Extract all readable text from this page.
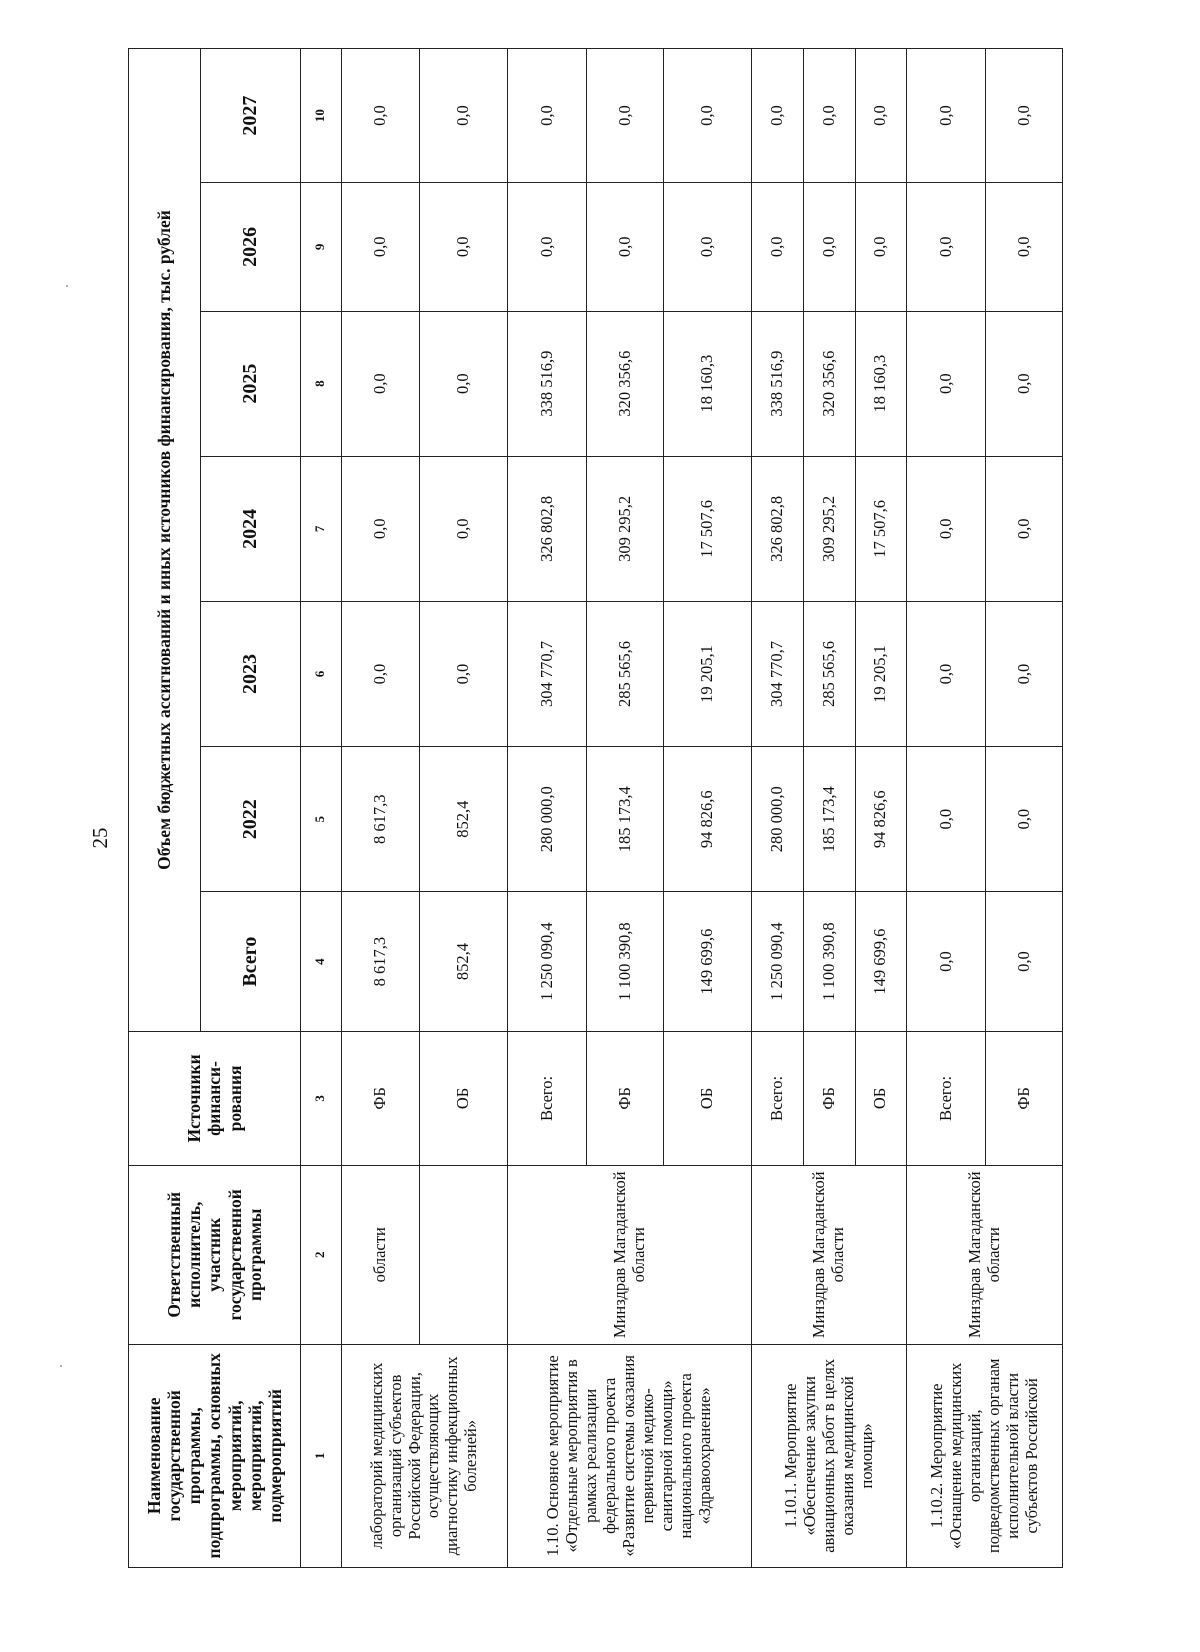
25
Наименование государственной программы, подпрограммы, основных мероприятий, мероприятий, подмероприятий	Ответственный исполнитель, участник государственной программы	Источники финанси-рования	Объем бюджетных ассигнований и иных источников финансирования, тыс. рублей						
			Всего	2022	2023	2024	2025	2026	2027
1	2	3	4	5	6	7	8	9	10
лабораторий медицинских организаций субъектов Российской Федерации, осуществляющих диагностику инфекционных болезней»	области	ФБ	8 617,3	8 617,3	0,0	0,0	0,0	0,0	0,0
		ОБ	852,4	852,4	0,0	0,0	0,0	0,0	0,0
1.10. Основное мероприятие «Отдельные мероприятия в рамках реализации федерального проекта «Развитие системы оказания первичной медико-санитарной помощи» национального проекта «Здравоохранение»	Минздрав Магаданской области	Всего:	1 250 090,4	280 000,0	304 770,7	326 802,8	338 516,9	0,0	0,0
		ФБ	1 100 390,8	185 173,4	285 565,6	309 295,2	320 356,6	0,0	0,0
		ОБ	149 699,6	94 826,6	19 205,1	17 507,6	18 160,3	0,0	0,0
1.10.1. Мероприятие «Обеспечение закупки авиационных работ в целях оказания медицинской помощи»	Минздрав Магаданской области	Всего:	1 250 090,4	280 000,0	304 770,7	326 802,8	338 516,9	0,0	0,0
		ФБ	1 100 390,8	185 173,4	285 565,6	309 295,2	320 356,6	0,0	0,0
		ОБ	149 699,6	94 826,6	19 205,1	17 507,6	18 160,3	0,0	0,0
1.10.2. Мероприятие «Оснащение медицинских организаций, подведомственных органам исполнительной власти субъектов Российской	Минздрав Магаданской области	Всего:	0,0	0,0	0,0	0,0	0,0	0,0	0,0
		ФБ	0,0	0,0	0,0	0,0	0,0	0,0	0,0
